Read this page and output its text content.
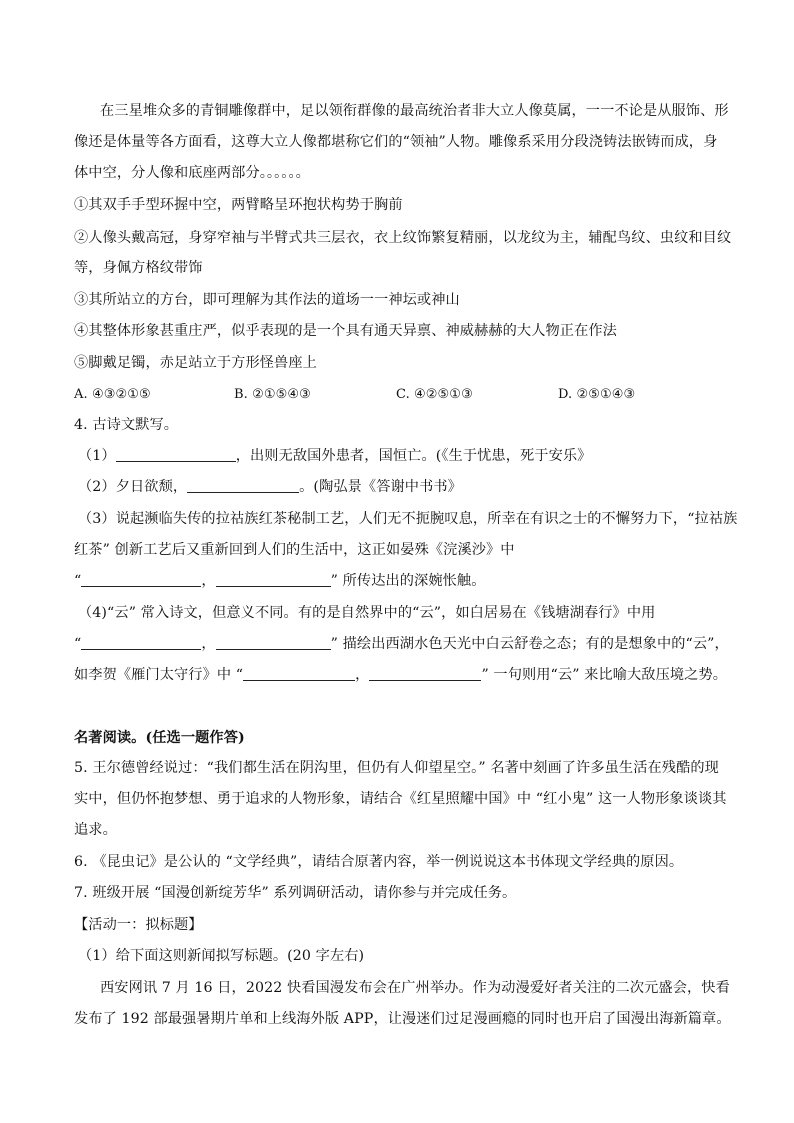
在三星堆众多的青铜雕像群中，足以领衔群像的最高统治者非大立人像莫属，一一不论是从服饰、形
像还是体量等各方面看，这尊大立人像都堪称它们的“领袖”人物。雕像系采用分段浇铸法嵌铸而成，身
体中空，分人像和底座两部分。。。。。。
①其双手手型环握中空，两臂略呈环抱状构势于胸前
②人像头戴高冠，身穿窄袖与半臂式共三层衣，衣上纹饰繁复精丽，以龙纹为主，辅配鸟纹、虫纹和目纹
等，身佩方格纹带饰
③其所站立的方台，即可理解为其作法的道场一一神坛或神山
④其整体形象甚重庄严，似乎表现的是一个具有通天异禀、神威赫赫的大人物正在作法
⑤脚戴足镯，赤足站立于方形怪兽座上
A. ④③②①⑤	B. ②①⑤④③	C. ④②⑤①③	D. ②⑤①④③
4. 古诗文默写。
（1）	，出则无敌国外患者，国恒亡。(《生于忧患，死于安乐》
（2）夕日欲颓，	。(陶弘景《答谢中书书》
（3）说起濒临失传的拉祜族红茶秘制工艺，人们无不扼腕叹息，所幸在有识之士的不懈努力下，“拉祜族
红茶” 创新工艺后又重新回到人们的生活中，这正如晏殊《浣溪沙》中
“	，	” 所传达出的深婉怅触。
（4)“云” 常入诗文，但意义不同。有的是自然界中的“云”，如白居易在《钱塘湖春行》中用
“	，	” 描绘出西湖水色天光中白云舒卷之态；有的是想象中的“云”，
如李贺《雁门太守行》中 “	，	” 一句则用“云” 来比喻大敌压境之势。
名著阅读。(任选一题作答)
5. 王尔德曾经说过：“我们都生活在阴沟里，但仍有人仰望星空。” 名著中刻画了许多虽生活在残酷的现
实中，但仍怀抱梦想、勇于追求的人物形象，请结合《红星照耀中国》中 “红小鬼” 这一人物形象谈谈其
追求。
6. 《昆虫记》是公认的 “文学经典”，请结合原著内容，举一例说说这本书体现文学经典的原因。
7. 班级开展 “国漫创新绽芳华” 系列调研活动，请你参与并完成任务。
【活动一：拟标题】
（1）给下面这则新闻拟写标题。(20 字左右)
西安网讯 7 月 16 日，2022 快看国漫发布会在广州举办。作为动漫爱好者关注的二次元盛会，快看
发布了 192 部最强暑期片单和上线海外版 APP，让漫迷们过足漫画瘾的同时也开启了国漫出海新篇章。
